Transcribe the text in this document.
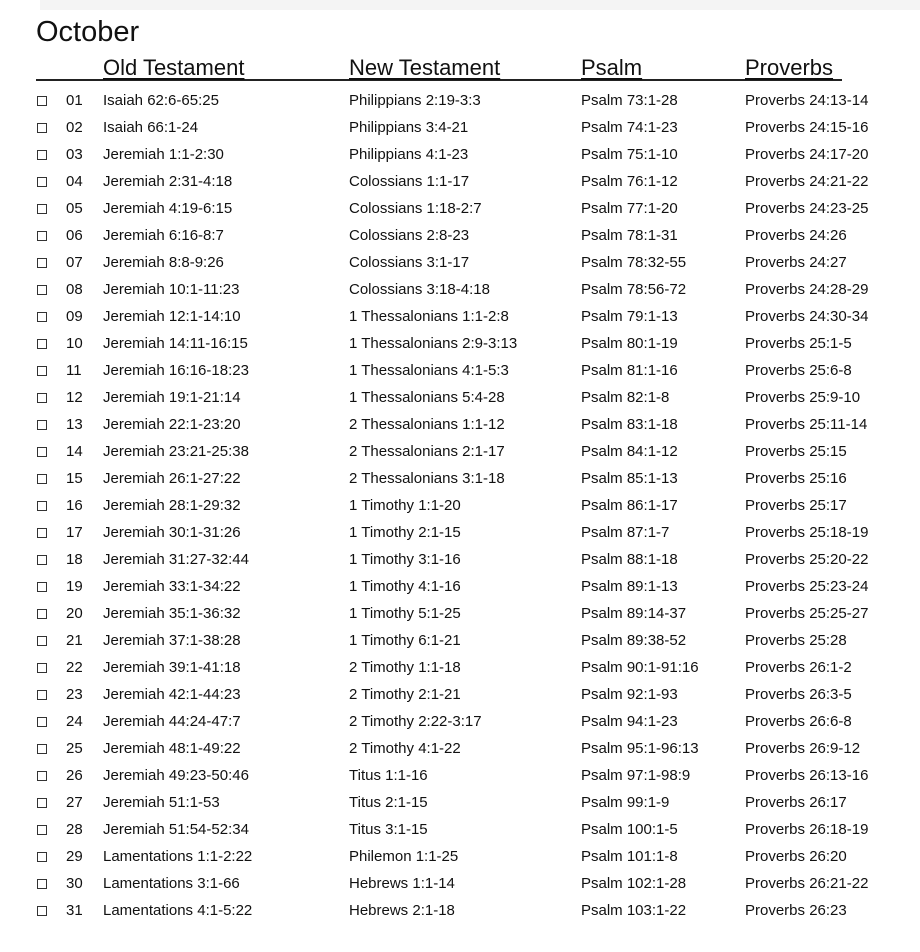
October
Old Testament	New Testament	Psalm	Proverbs
01 Isaiah 62:6-65:25	Philippians 2:19-3:3	Psalm 73:1-28	Proverbs 24:13-14
02 Isaiah 66:1-24	Philippians 3:4-21	Psalm 74:1-23	Proverbs 24:15-16
03 Jeremiah 1:1-2:30	Philippians 4:1-23	Psalm 75:1-10	Proverbs 24:17-20
04 Jeremiah 2:31-4:18	Colossians 1:1-17	Psalm 76:1-12	Proverbs 24:21-22
05 Jeremiah 4:19-6:15	Colossians 1:18-2:7	Psalm 77:1-20	Proverbs 24:23-25
06 Jeremiah 6:16-8:7	Colossians 2:8-23	Psalm 78:1-31	Proverbs 24:26
07 Jeremiah 8:8-9:26	Colossians 3:1-17	Psalm 78:32-55	Proverbs 24:27
08 Jeremiah 10:1-11:23	Colossians 3:18-4:18	Psalm 78:56-72	Proverbs 24:28-29
09 Jeremiah 12:1-14:10	1 Thessalonians 1:1-2:8	Psalm 79:1-13	Proverbs 24:30-34
10 Jeremiah 14:11-16:15	1 Thessalonians 2:9-3:13	Psalm 80:1-19	Proverbs 25:1-5
11 Jeremiah 16:16-18:23	1 Thessalonians 4:1-5:3	Psalm 81:1-16	Proverbs 25:6-8
12 Jeremiah 19:1-21:14	1 Thessalonians 5:4-28	Psalm 82:1-8	Proverbs 25:9-10
13 Jeremiah 22:1-23:20	2 Thessalonians 1:1-12	Psalm 83:1-18	Proverbs 25:11-14
14 Jeremiah 23:21-25:38	2 Thessalonians 2:1-17	Psalm 84:1-12	Proverbs 25:15
15 Jeremiah 26:1-27:22	2 Thessalonians 3:1-18	Psalm 85:1-13	Proverbs 25:16
16 Jeremiah 28:1-29:32	1 Timothy 1:1-20	Psalm 86:1-17	Proverbs 25:17
17 Jeremiah 30:1-31:26	1 Timothy 2:1-15	Psalm 87:1-7	Proverbs 25:18-19
18 Jeremiah 31:27-32:44	1 Timothy 3:1-16	Psalm 88:1-18	Proverbs 25:20-22
19 Jeremiah 33:1-34:22	1 Timothy 4:1-16	Psalm 89:1-13	Proverbs 25:23-24
20 Jeremiah 35:1-36:32	1 Timothy 5:1-25	Psalm 89:14-37	Proverbs 25:25-27
21 Jeremiah 37:1-38:28	1 Timothy 6:1-21	Psalm 89:38-52	Proverbs 25:28
22 Jeremiah 39:1-41:18	2 Timothy 1:1-18	Psalm 90:1-91:16	Proverbs 26:1-2
23 Jeremiah 42:1-44:23	2 Timothy 2:1-21	Psalm 92:1-93	Proverbs 26:3-5
24 Jeremiah 44:24-47:7	2 Timothy 2:22-3:17	Psalm 94:1-23	Proverbs 26:6-8
25 Jeremiah 48:1-49:22	2 Timothy 4:1-22	Psalm 95:1-96:13	Proverbs 26:9-12
26 Jeremiah 49:23-50:46	Titus 1:1-16	Psalm 97:1-98:9	Proverbs 26:13-16
27 Jeremiah 51:1-53	Titus 2:1-15	Psalm 99:1-9	Proverbs 26:17
28 Jeremiah 51:54-52:34	Titus 3:1-15	Psalm 100:1-5	Proverbs 26:18-19
29 Lamentations 1:1-2:22	Philemon 1:1-25	Psalm 101:1-8	Proverbs 26:20
30 Lamentations 3:1-66	Hebrews 1:1-14	Psalm 102:1-28	Proverbs 26:21-22
31 Lamentations 4:1-5:22	Hebrews 2:1-18	Psalm 103:1-22	Proverbs 26:23
